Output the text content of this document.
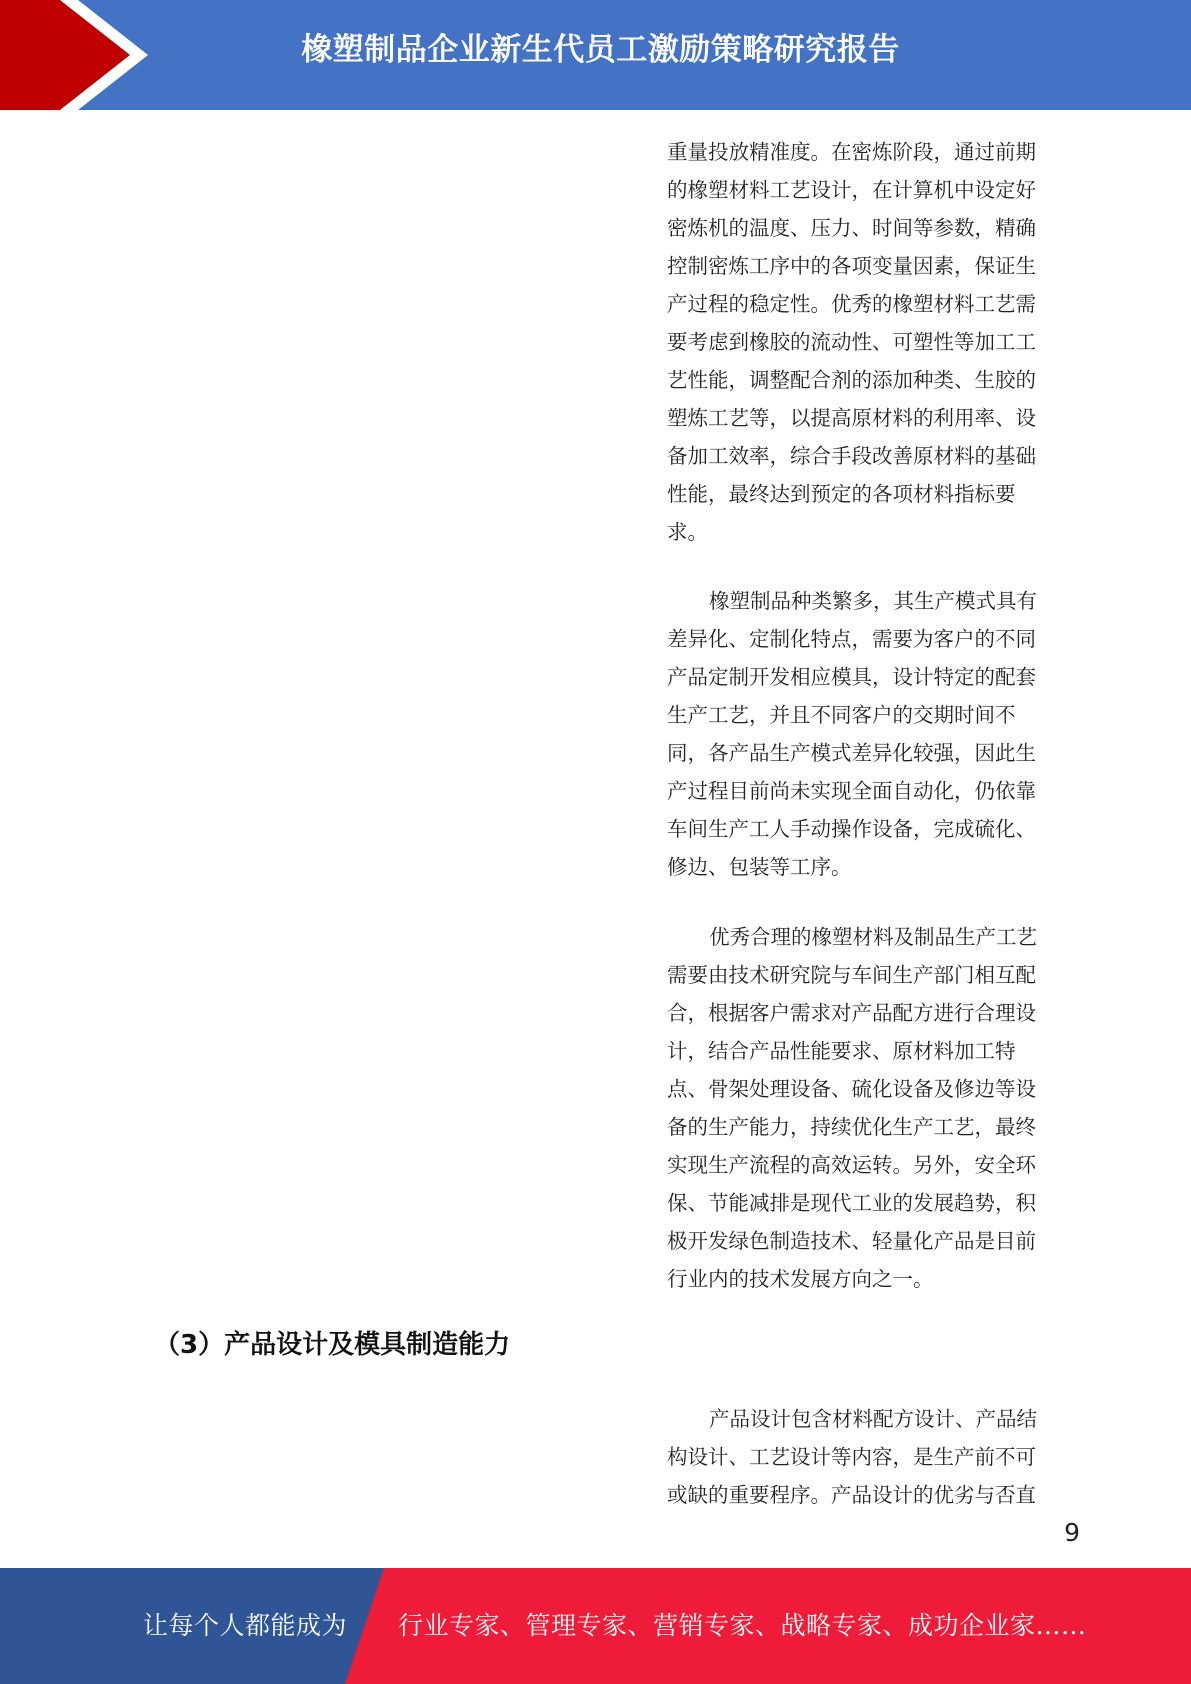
橡塑制品企业新生代员工激励策略研究报告

重量投放精准度。在密炼阶段，通过前期的橡塑材料工艺设计，在计算机中设定好密炼机的温度、压力、时间等参数，精确控制密炼工序中的各项变量因素，保证生产过程的稳定性。优秀的橡塑材料工艺需要考虑到橡胶的流动性、可塑性等加工工艺性能，调整配合剂的添加种类、生胶的塑炼工艺等，以提高原材料的利用率、设备加工效率，综合手段改善原材料的基础性能，最终达到预定的各项材料指标要求。

橡塑制品种类繁多，其生产模式具有差异化、定制化特点，需要为客户的不同产品定制开发相应模具，设计特定的配套生产工艺，并且不同客户的交期时间不同，各产品生产模式差异化较强，因此生产过程目前尚未实现全面自动化，仍依靠车间生产工人手动操作设备，完成硫化、修边、包装等工序。

优秀合理的橡塑材料及制品生产工艺需要由技术研究院与车间生产部门相互配合，根据客户需求对产品配方进行合理设计，结合产品性能要求、原材料加工特点、骨架处理设备、硫化设备及修边等设备的生产能力，持续优化生产工艺，最终实现生产流程的高效运转。另外，安全环保、节能减排是现代工业的发展趋势，积极开发绿色制造技术、轻量化产品是目前行业内的技术发展方向之一。

（3）产品设计及模具制造能力

产品设计包含材料配方设计、产品结构设计、工艺设计等内容，是生产前不可或缺的重要程序。产品设计的优劣与否直

9
让每个人都能成为 行业专家、管理专家、营销专家、战略专家、成功企业家……
